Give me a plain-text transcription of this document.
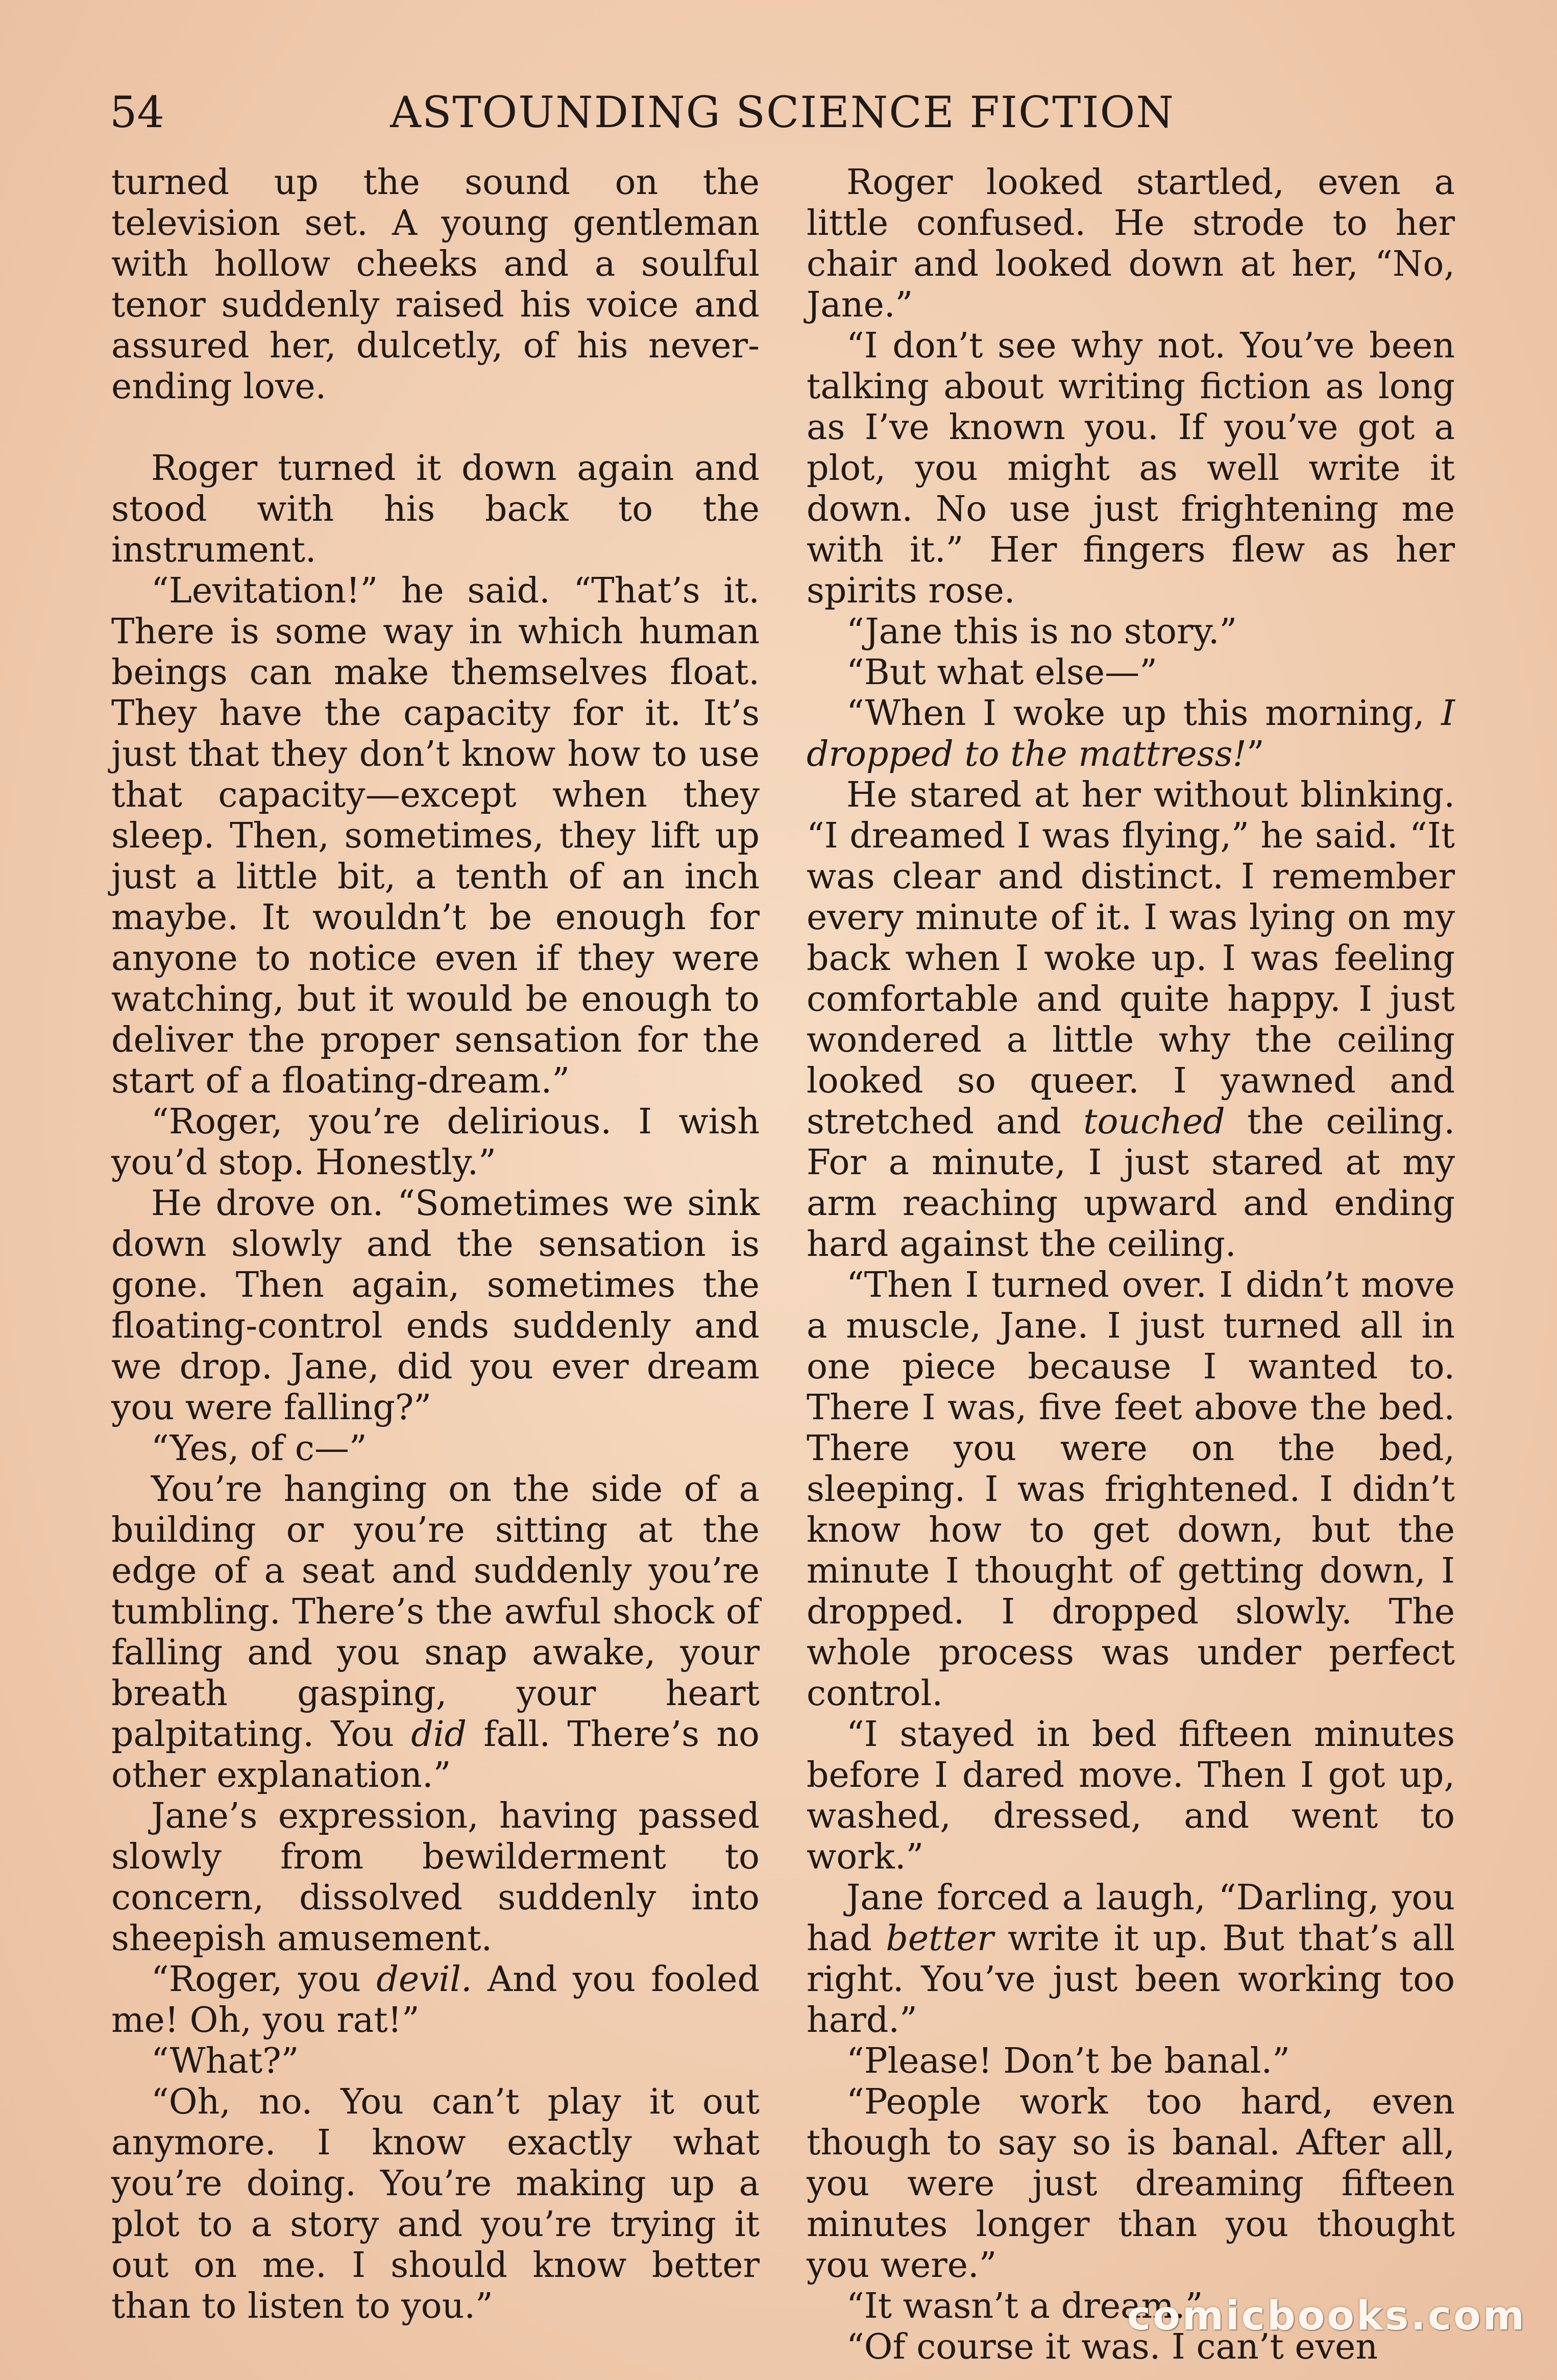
54	ASTOUNDING SCIENCE FICTION

turned up the sound on the television set. A young gentleman with hollow cheeks and a soulful tenor suddenly raised his voice and assured her, dulcetly, of his never-ending love.

Roger turned it down again and stood with his back to the instrument.

“Levitation!” he said. “That’s it. There is some way in which human beings can make themselves float. They have the capacity for it. It’s just that they don’t know how to use that capacity—except when they sleep. Then, sometimes, they lift up just a little bit, a tenth of an inch maybe. It wouldn’t be enough for anyone to notice even if they were watching, but it would be enough to deliver the proper sensation for the start of a floating-dream.”

“Roger, you’re delirious. I wish you’d stop. Honestly.”

He drove on. “Sometimes we sink down slowly and the sensation is gone. Then again, sometimes the floating-control ends suddenly and we drop. Jane, did you ever dream you were falling?”

“Yes, of c—”

You’re hanging on the side of a building or you’re sitting at the edge of a seat and suddenly you’re tumbling. There’s the awful shock of falling and you snap awake, your breath gasping, your heart palpitating. You did fall. There’s no other explanation.”

Jane’s expression, having passed slowly from bewilderment to concern, dissolved suddenly into sheepish amusement.

“Roger, you devil. And you fooled me! Oh, you rat!”

“What?”

“Oh, no. You can’t play it out anymore. I know exactly what you’re doing. You’re making up a plot to a story and you’re trying it out on me. I should know better than to listen to you.”

Roger looked startled, even a little confused. He strode to her chair and looked down at her, “No, Jane.”

“I don’t see why not. You’ve been talking about writing fiction as long as I’ve known you. If you’ve got a plot, you might as well write it down. No use just frightening me with it.” Her fingers flew as her spirits rose.

“Jane this is no story.”

“But what else—”

“When I woke up this morning, I dropped to the mattress!”

He stared at her without blinking. “I dreamed I was flying,” he said. “It was clear and distinct. I remember every minute of it. I was lying on my back when I woke up. I was feeling comfortable and quite happy. I just wondered a little why the ceiling looked so queer. I yawned and stretched and touched the ceiling. For a minute, I just stared at my arm reaching upward and ending hard against the ceiling.

“Then I turned over. I didn’t move a muscle, Jane. I just turned all in one piece because I wanted to. There I was, five feet above the bed. There you were on the bed, sleeping. I was frightened. I didn’t know how to get down, but the minute I thought of getting down, I dropped. I dropped slowly. The whole process was under perfect control.

“I stayed in bed fifteen minutes before I dared move. Then I got up, washed, dressed, and went to work.”

Jane forced a laugh, “Darling, you had better write it up. But that’s all right. You’ve just been working too hard.”

“Please! Don’t be banal.”

“People work too hard, even though to say so is banal. After all, you were just dreaming fifteen minutes longer than you thought you were.”

“It wasn’t a dream.”

“Of course it was. I can’t even

comicbooks.com
